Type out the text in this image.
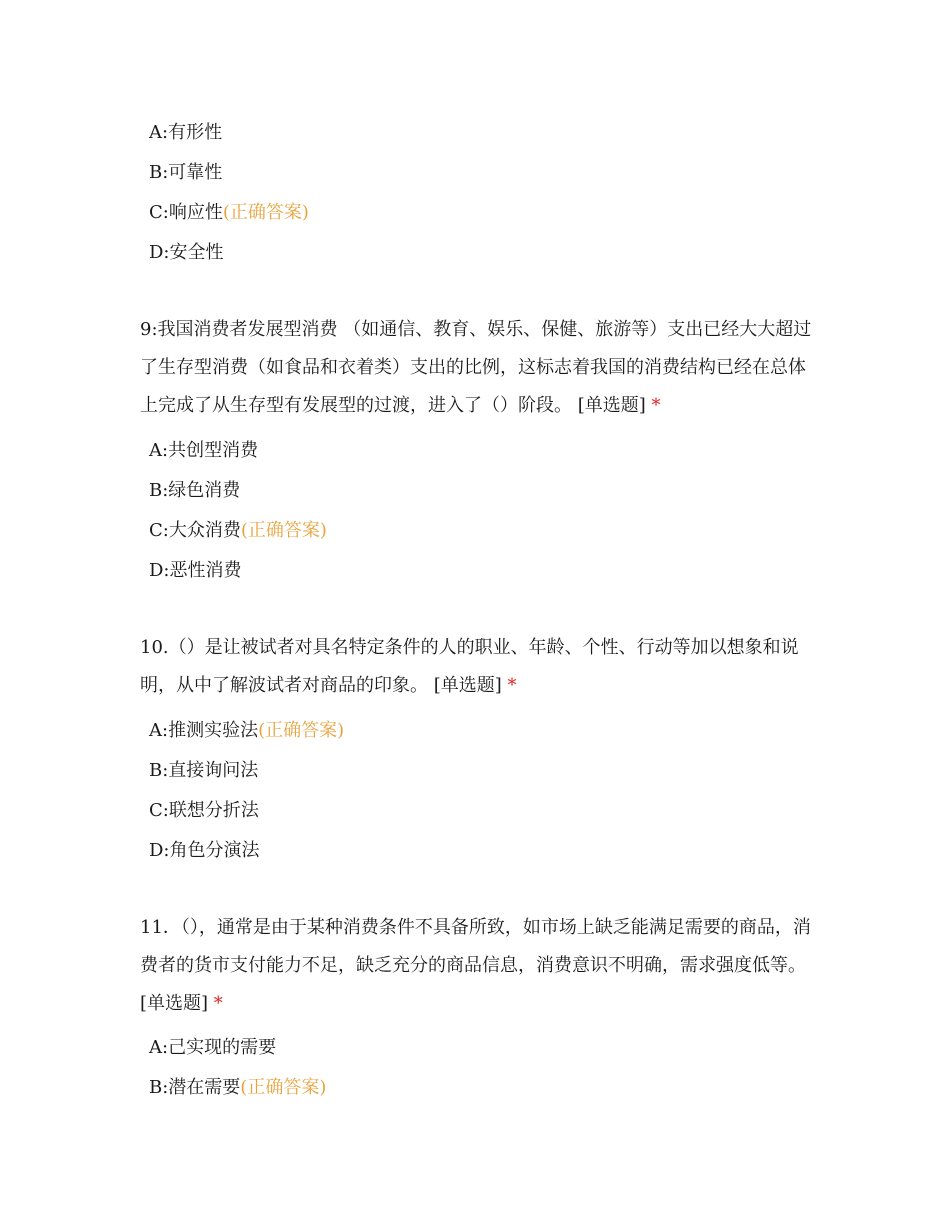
A:有形性
B:可靠性
C:响应性(正确答案)
D:安全性
9:我国消费者发展型消费 （如通信、教育、娱乐、保健、旅游等）支出已经大大超过了生存型消费（如食品和衣着类）支出的比例，这标志着我国的消费结构已经在总体上完成了从生存型有发展型的过渡，进入了（）阶段。 [单选题] *
A:共创型消费
B:绿色消费
C:大众消费(正确答案)
D:恶性消费
10.（）是让被试者对具名特定条件的人的职业、年龄、个性、行动等加以想象和说明，从中了解波试者对商品的印象。 [单选题] *
A:推测实验法(正确答案)
B:直接询问法
C:联想分折法
D:角色分演法
11．（），通常是由于某种消费条件不具备所致，如市场上缺乏能满足需要的商品，消费者的货市支付能力不足，缺乏充分的商品信息，消费意识不明确，需求强度低等。 [单选题] *
A:己实现的需要
B:潜在需要(正确答案)
